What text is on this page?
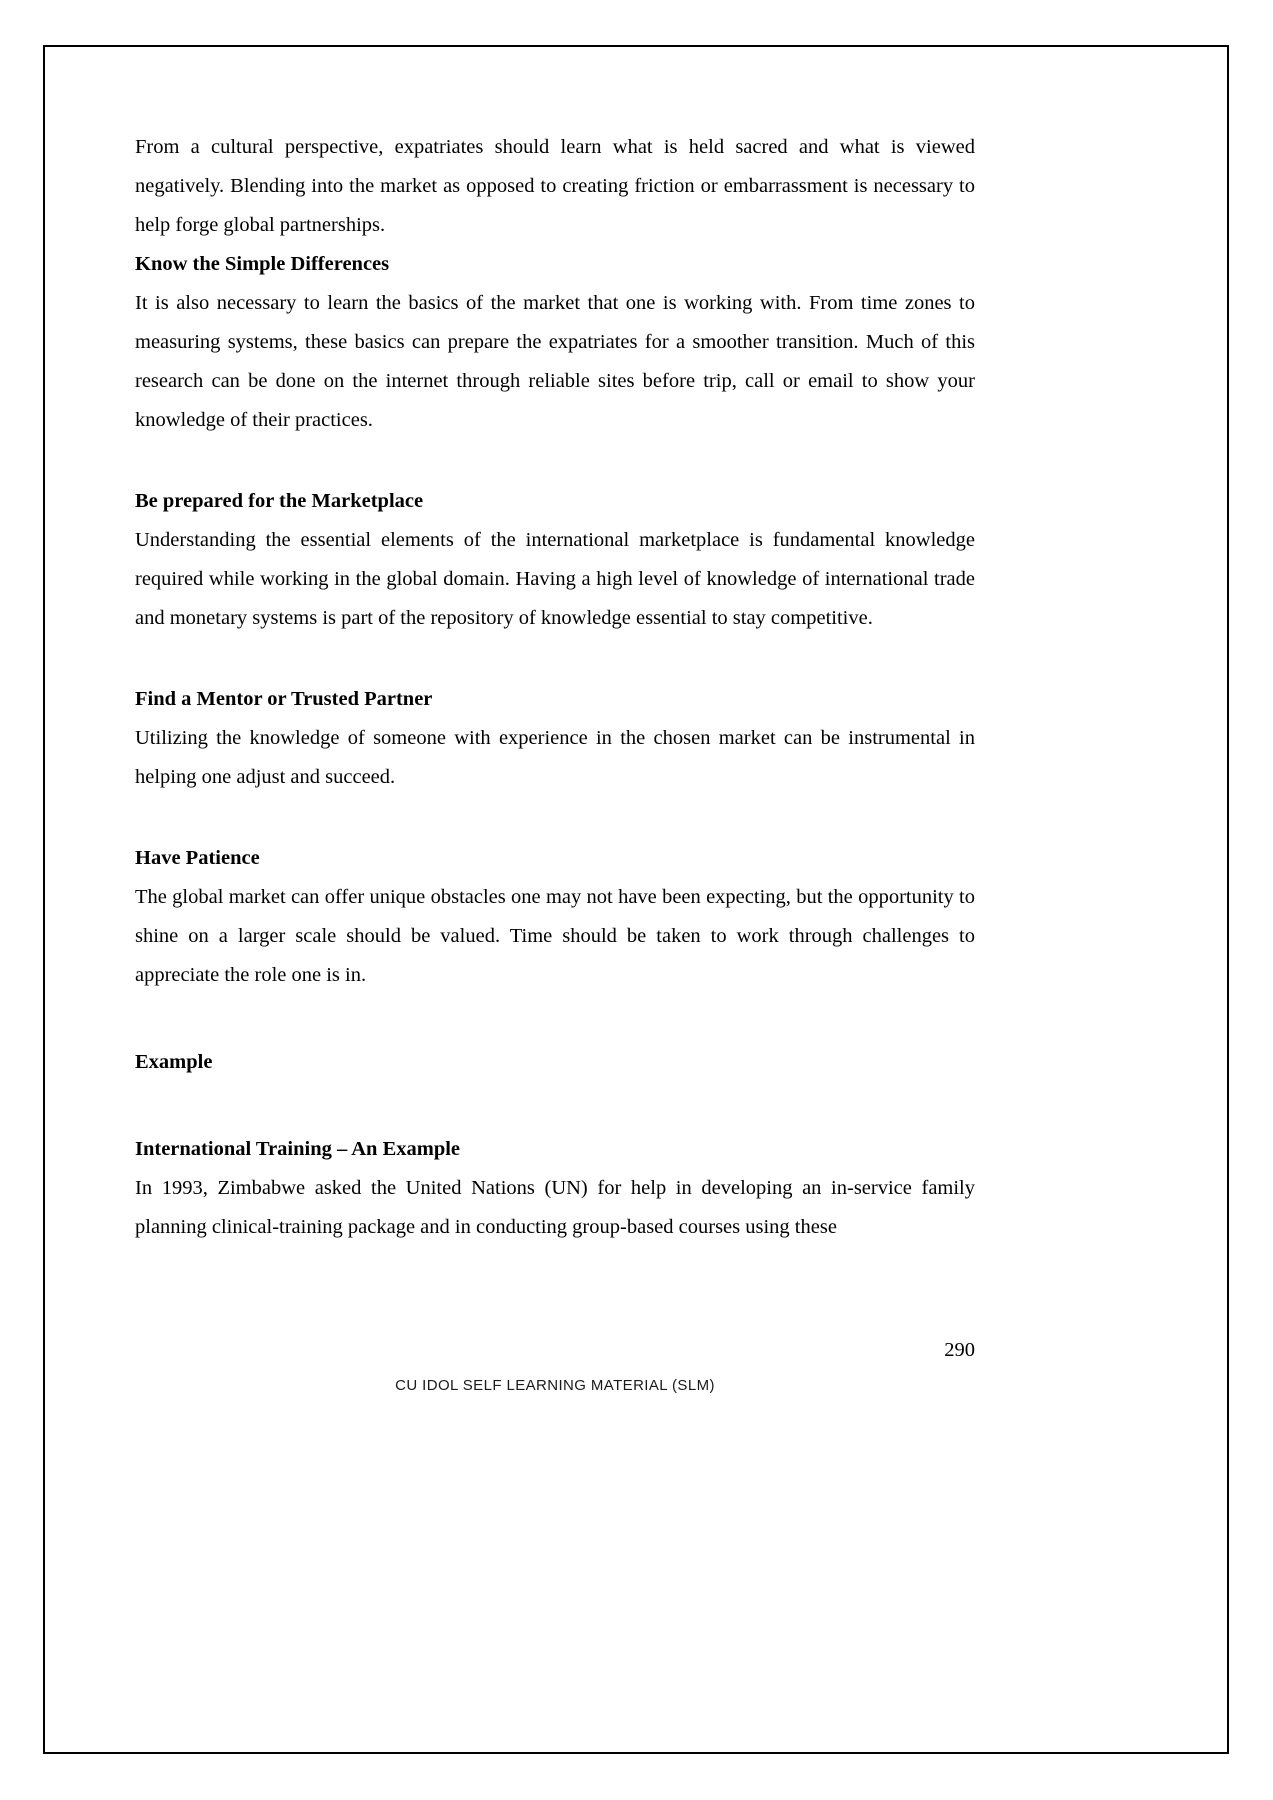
From a cultural perspective, expatriates should learn what is held sacred and what is viewed negatively. Blending into the market as opposed to creating friction or embarrassment is necessary to help forge global partnerships.

Know the Simple Differences

It is also necessary to learn the basics of the market that one is working with. From time zones to measuring systems, these basics can prepare the expatriates for a smoother transition. Much of this research can be done on the internet through reliable sites before trip, call or email to show your knowledge of their practices.

Be prepared for the Marketplace

Understanding the essential elements of the international marketplace is fundamental knowledge required while working in the global domain. Having a high level of knowledge of international trade and monetary systems is part of the repository of knowledge essential to stay competitive.

Find a Mentor or Trusted Partner

Utilizing the knowledge of someone with experience in the chosen market can be instrumental in helping one adjust and succeed.

Have Patience

The global market can offer unique obstacles one may not have been expecting, but the opportunity to shine on a larger scale should be valued. Time should be taken to work through challenges to appreciate the role one is in.

Example
International Training – An Example

In 1993, Zimbabwe asked the United Nations (UN) for help in developing an in-service family planning clinical-training package and in conducting group-based courses using these

290
CU IDOL SELF LEARNING MATERIAL (SLM)
